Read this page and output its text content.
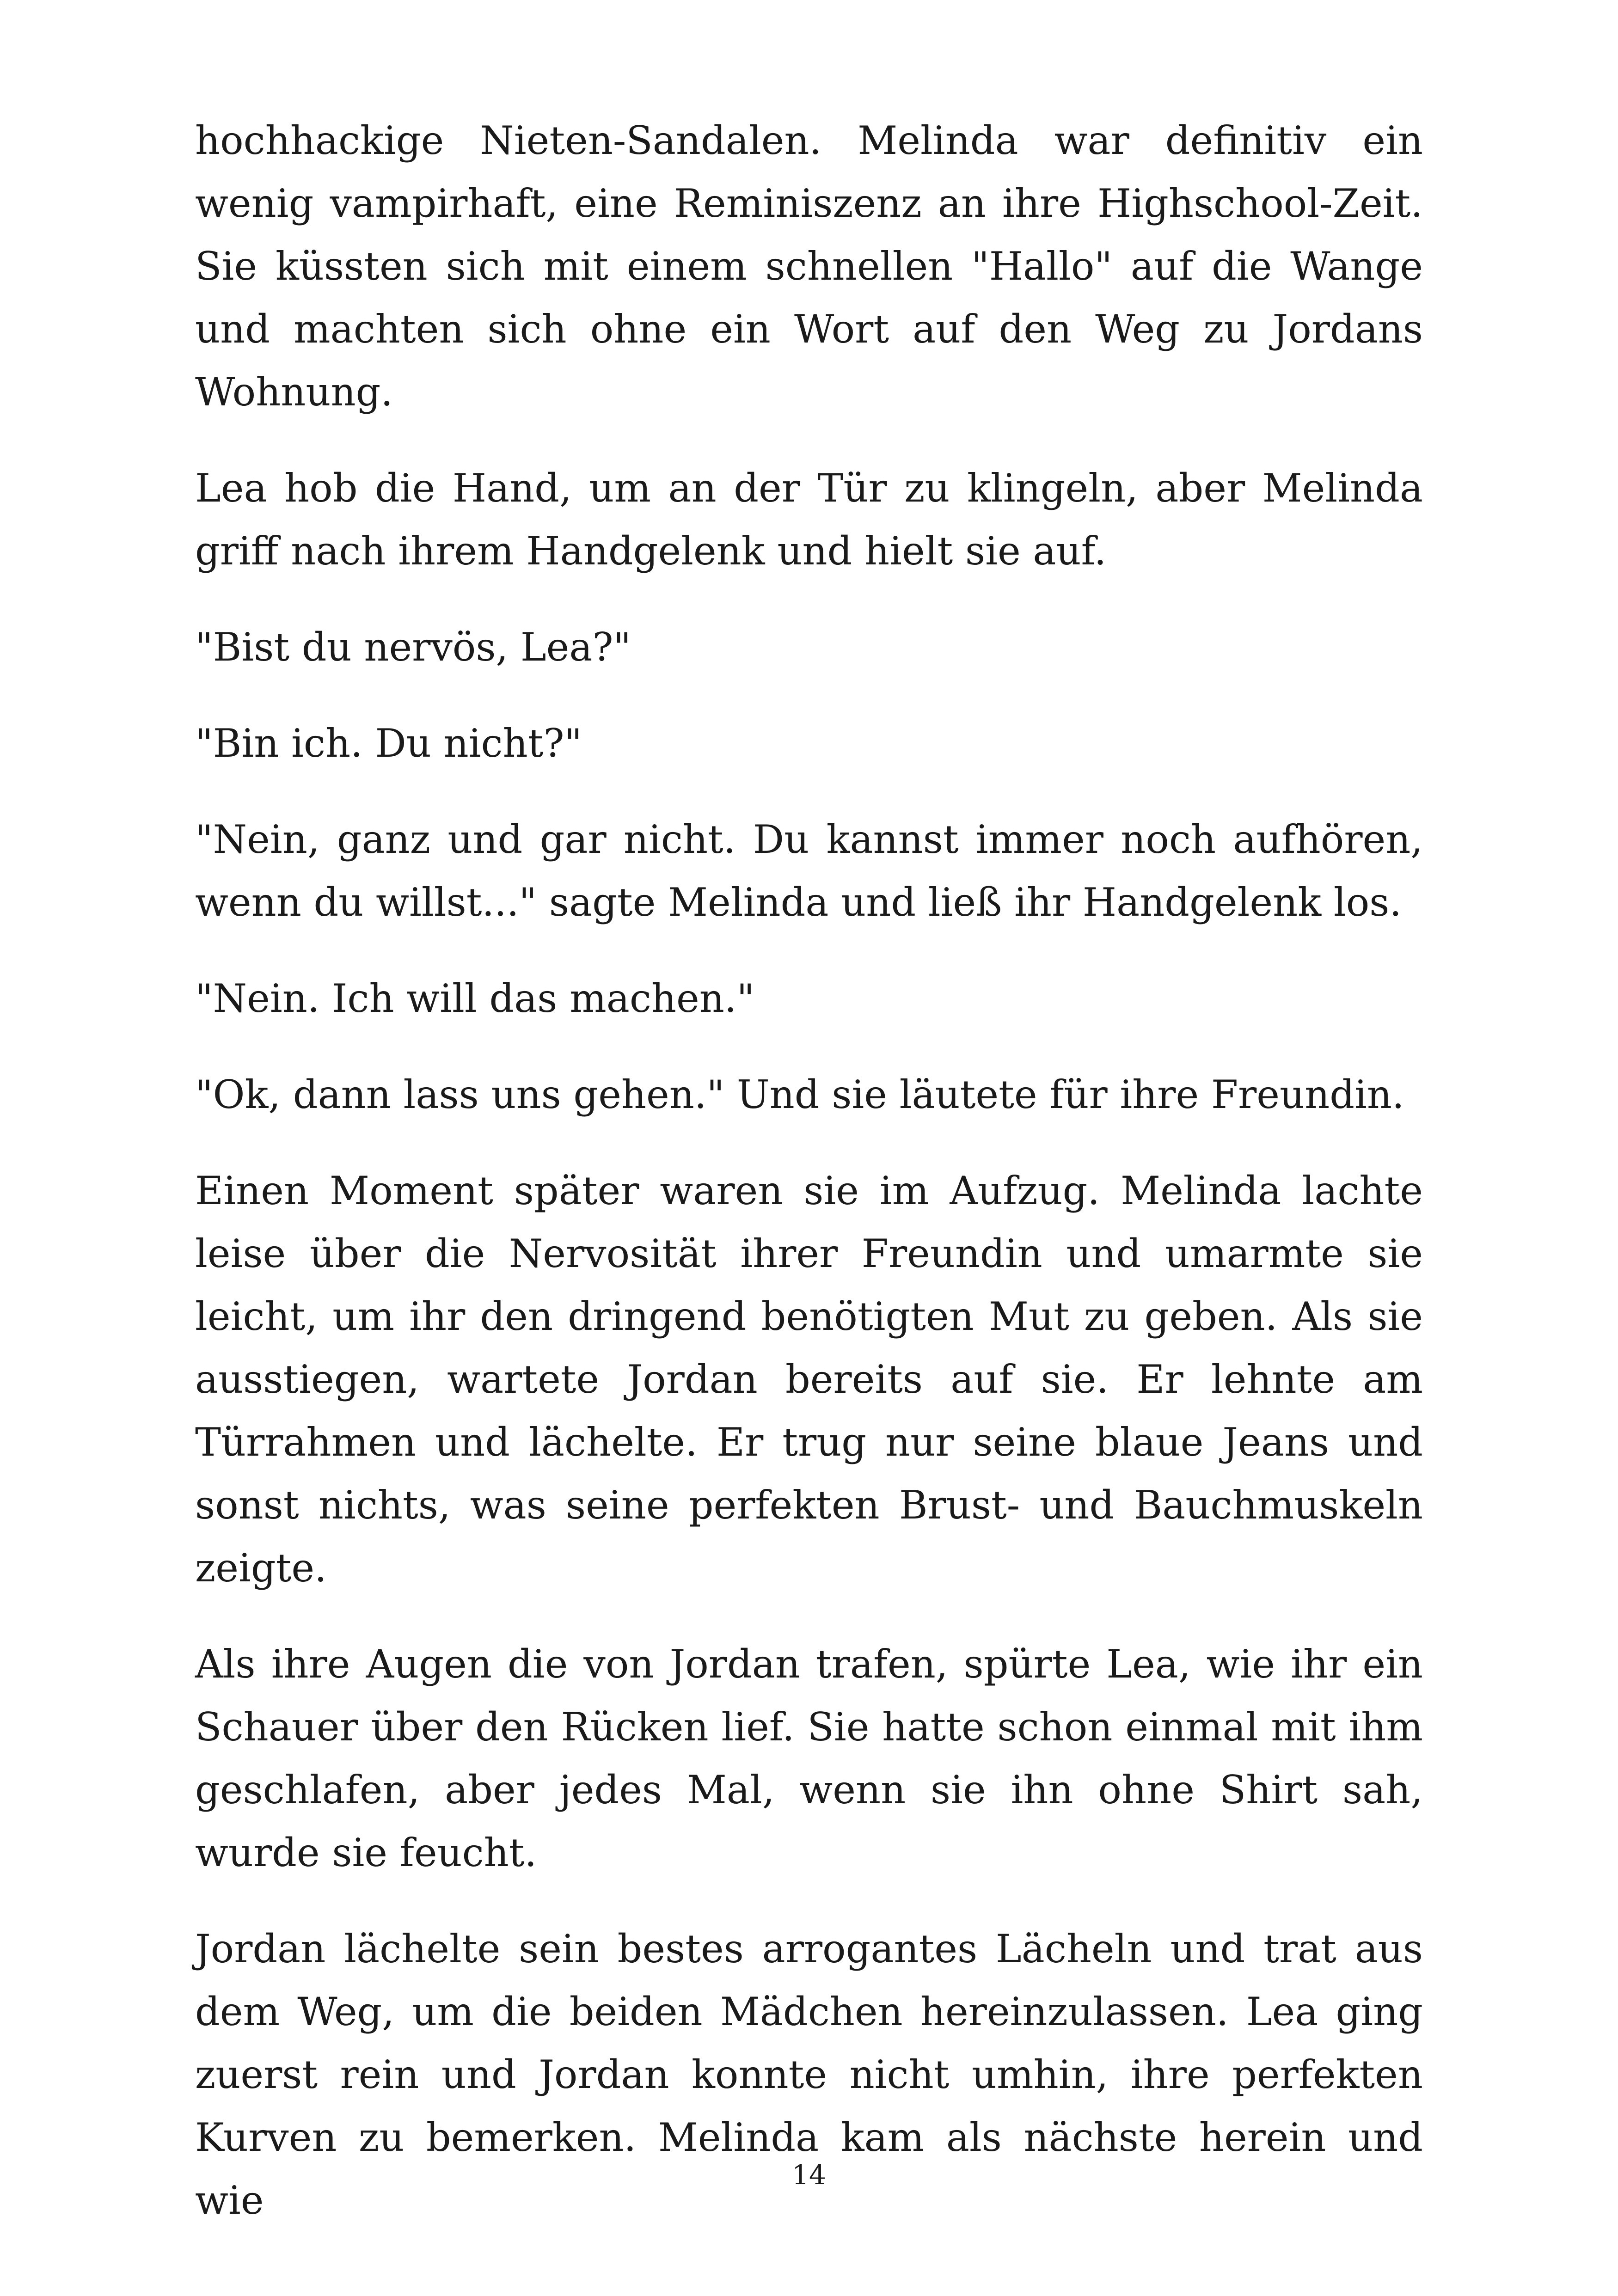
hochhackige Nieten-Sandalen. Melinda war definitiv ein wenig vampirhaft, eine Reminiszenz an ihre Highschool-Zeit. Sie küssten sich mit einem schnellen "Hallo" auf die Wange und machten sich ohne ein Wort auf den Weg zu Jordans Wohnung.

Lea hob die Hand, um an der Tür zu klingeln, aber Melinda griff nach ihrem Handgelenk und hielt sie auf.

"Bist du nervös, Lea?"

"Bin ich. Du nicht?"

"Nein, ganz und gar nicht. Du kannst immer noch aufhören, wenn du willst..." sagte Melinda und ließ ihr Handgelenk los.

"Nein. Ich will das machen."

"Ok, dann lass uns gehen." Und sie läutete für ihre Freundin.

Einen Moment später waren sie im Aufzug. Melinda lachte leise über die Nervosität ihrer Freundin und umarmte sie leicht, um ihr den dringend benötigten Mut zu geben. Als sie ausstiegen, wartete Jordan bereits auf sie. Er lehnte am Türrahmen und lächelte. Er trug nur seine blaue Jeans und sonst nichts, was seine perfekten Brust- und Bauchmuskeln zeigte.

Als ihre Augen die von Jordan trafen, spürte Lea, wie ihr ein Schauer über den Rücken lief. Sie hatte schon einmal mit ihm geschlafen, aber jedes Mal, wenn sie ihn ohne Shirt sah, wurde sie feucht.

Jordan lächelte sein bestes arrogantes Lächeln und trat aus dem Weg, um die beiden Mädchen hereinzulassen. Lea ging zuerst rein und Jordan konnte nicht umhin, ihre perfekten Kurven zu bemerken. Melinda kam als nächste herein und wie

14
